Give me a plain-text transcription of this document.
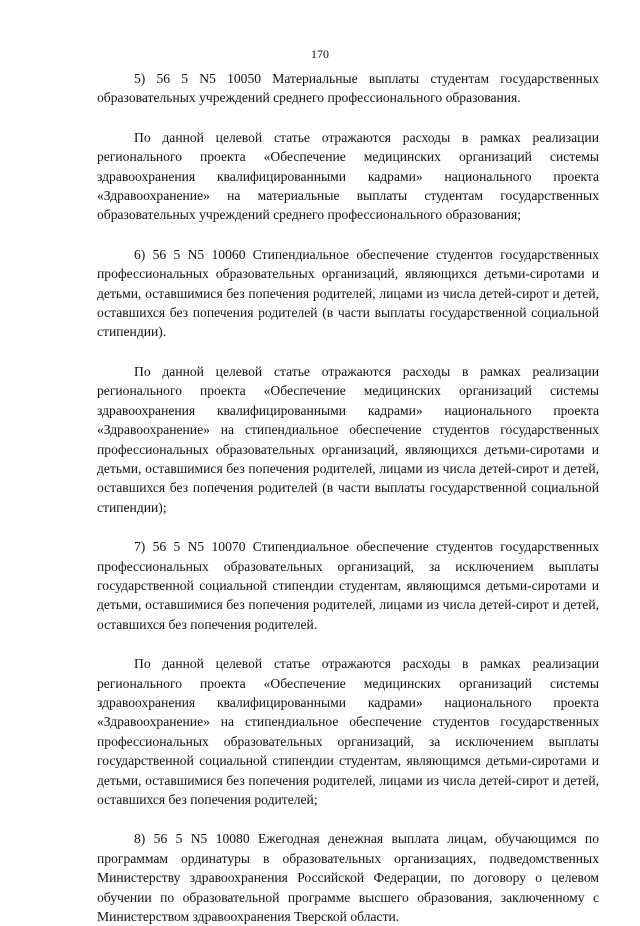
170

5) 56 5 N5 10050 Материальные выплаты студентам государственных образовательных учреждений среднего профессионального образования.

По данной целевой статье отражаются расходы в рамках реализации регионального проекта «Обеспечение медицинских организаций системы здравоохранения квалифицированными кадрами» национального проекта «Здравоохранение» на материальные выплаты студентам государственных образовательных учреждений среднего профессионального образования;

6) 56 5 N5 10060 Стипендиальное обеспечение студентов государственных профессиональных образовательных организаций, являющихся детьми-сиротами и детьми, оставшимися без попечения родителей, лицами из числа детей-сирот и детей, оставшихся без попечения родителей (в части выплаты государственной социальной стипендии).

По данной целевой статье отражаются расходы в рамках реализации регионального проекта «Обеспечение медицинских организаций системы здравоохранения квалифицированными кадрами» национального проекта «Здравоохранение» на стипендиальное обеспечение студентов государственных профессиональных образовательных организаций, являющихся детьми-сиротами и детьми, оставшимися без попечения родителей, лицами из числа детей-сирот и детей, оставшихся без попечения родителей (в части выплаты государственной социальной стипендии);

7) 56 5 N5 10070 Стипендиальное обеспечение студентов государственных профессиональных образовательных организаций, за исключением выплаты государственной социальной стипендии студентам, являющимся детьми-сиротами и детьми, оставшимися без попечения родителей, лицами из числа детей-сирот и детей, оставшихся без попечения родителей.

По данной целевой статье отражаются расходы в рамках реализации регионального проекта «Обеспечение медицинских организаций системы здравоохранения квалифицированными кадрами» национального проекта «Здравоохранение» на стипендиальное обеспечение студентов государственных профессиональных образовательных организаций, за исключением выплаты государственной социальной стипендии студентам, являющимся детьми-сиротами и детьми, оставшимися без попечения родителей, лицами из числа детей-сирот и детей, оставшихся без попечения родителей;

8) 56 5 N5 10080 Ежегодная денежная выплата лицам, обучающимся по программам ординатуры в образовательных организациях, подведомственных Министерству здравоохранения Российской Федерации, по договору о целевом обучении по образовательной программе высшего образования, заключенному с Министерством здравоохранения Тверской области.
